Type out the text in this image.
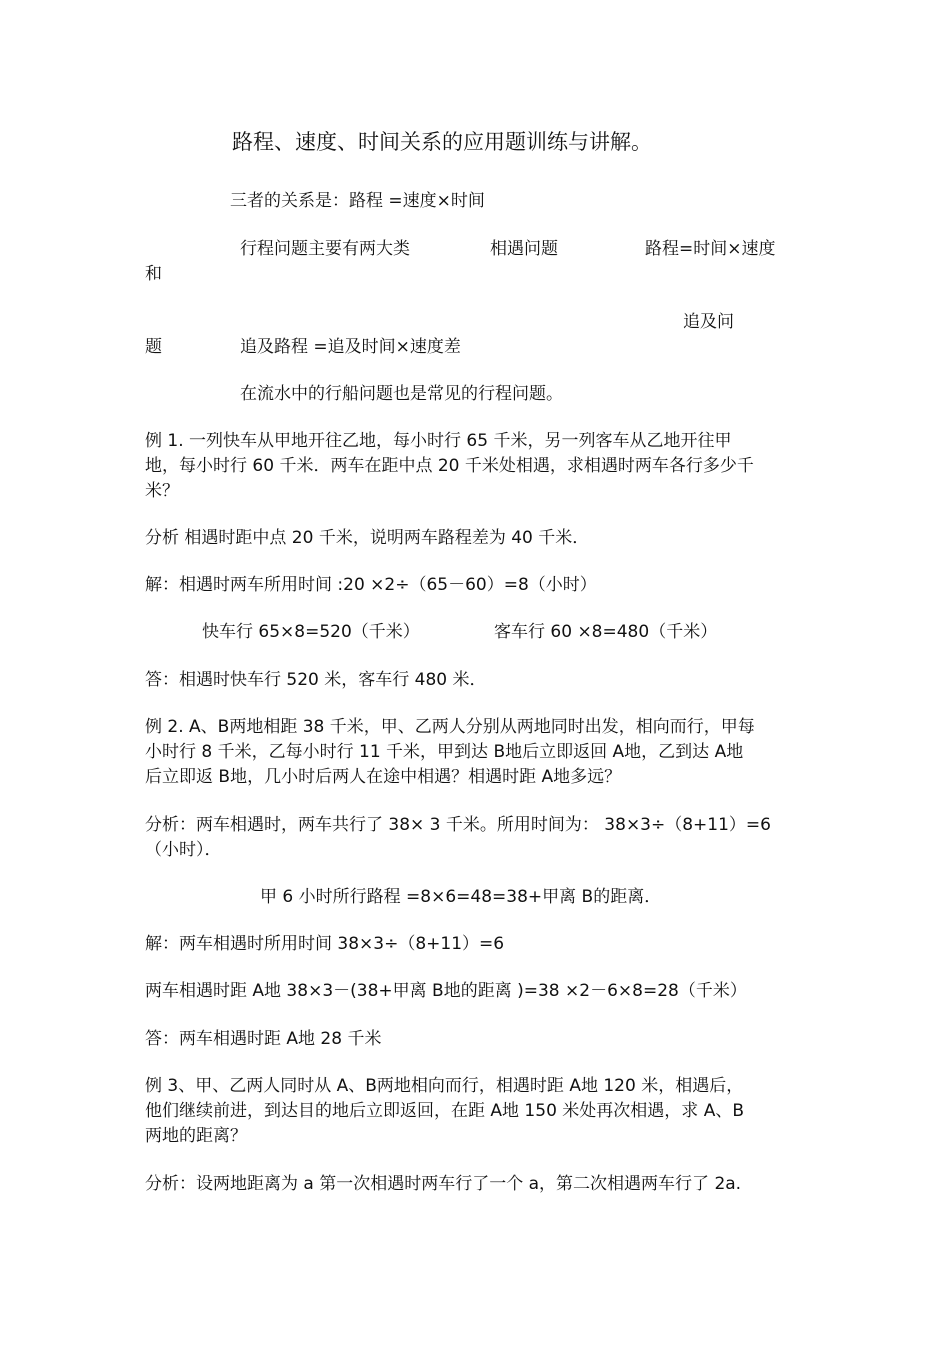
路程、速度、时间关系的应用题训练与讲解。
三者的关系是：路程 =速度×时间
行程问题主要有两大类	相遇问题	路程=时间×速度
和
追及问
题	追及路程 =追及时间×速度差
在流水中的行船问题也是常见的行程问题。
例 1. 一列快车从甲地开往乙地，每小时行 65 千米，另一列客车从乙地开往甲
地，每小时行 60 千米．两车在距中点 20 千米处相遇，求相遇时两车各行多少千
米？
分析 相遇时距中点 20 千米，说明两车路程差为 40 千米．
解：相遇时两车所用时间 :20 ×2÷（65－60）=8（小时）
快车行 65×8=520（千米）	客车行 60 ×8=480（千米）
答：相遇时快车行 520 米，客车行 480 米．
例 2. A、B两地相距 38 千米，甲、乙两人分别从两地同时出发，相向而行，甲每
小时行 8 千米，乙每小时行 11 千米，甲到达 B地后立即返回 A地，乙到达 A地
后立即返 B地，几小时后两人在途中相遇？相遇时距 A地多远？
分析：两车相遇时，两车共行了 38× 3 千米。所用时间为： 38×3÷（8+11）=6
（小时）．
甲 6 小时所行路程 =8×6=48=38+甲离 B的距离．
解：两车相遇时所用时间 38×3÷（8+11）=6
两车相遇时距 A地 38×3－(38+甲离 B地的距离 )=38 ×2－6×8=28（千米）
答：两车相遇时距 A地 28 千米
例 3、甲、乙两人同时从 A、B两地相向而行，相遇时距 A地 120 米，相遇后，
他们继续前进，到达目的地后立即返回，在距 A地 150 米处再次相遇，求 A、B
两地的距离？
分析：设两地距离为 a 第一次相遇时两车行了一个 a，第二次相遇两车行了 2a.
